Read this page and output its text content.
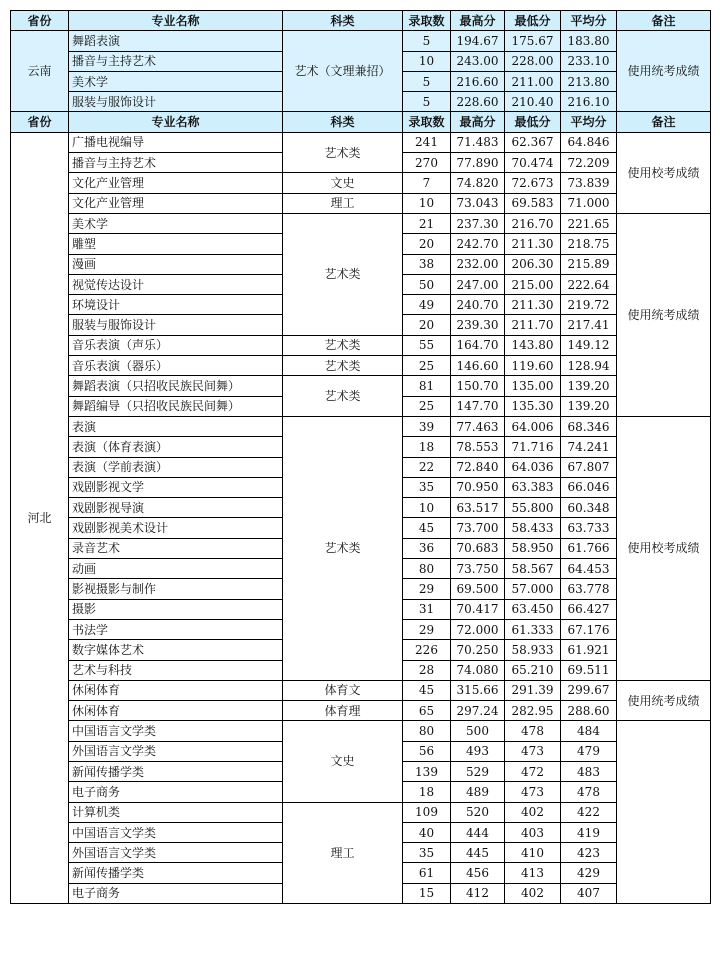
省份	专业名称	科类	录取数	最高分	最低分	平均分	备注
云南	舞蹈表演	艺术（文理兼招）	5	194.67	175.67	183.80	使用统考成绩
	播音与主持艺术		10	243.00	228.00	233.10	
	美术学		5	216.60	211.00	213.80	
	服装与服饰设计		5	228.60	210.40	216.10	
省份	专业名称	科类	录取数	最高分	最低分	平均分	备注
河北	广播电视编导	艺术类	241	71.483	62.367	64.846	使用校考成绩
	播音与主持艺术		270	77.890	70.474	72.209	
	文化产业管理	文史	7	74.820	72.673	73.839	
	文化产业管理	理工	10	73.043	69.583	71.000	
	美术学	艺术类	21	237.30	216.70	221.65	使用统考成绩
	雕塑		20	242.70	211.30	218.75	
	漫画		38	232.00	206.30	215.89	
	视觉传达设计		50	247.00	215.00	222.64	
	环境设计		49	240.70	211.30	219.72	
	服装与服饰设计		20	239.30	211.70	217.41	
	音乐表演（声乐）	艺术类	55	164.70	143.80	149.12	
	音乐表演（器乐）	艺术类	25	146.60	119.60	128.94	
	舞蹈表演（只招收民族民间舞）	艺术类	81	150.70	135.00	139.20	
	舞蹈编导（只招收民族民间舞）		25	147.70	135.30	139.20	
	表演	艺术类	39	77.463	64.006	68.346	使用校考成绩
	表演（体育表演）		18	78.553	71.716	74.241	
	表演（学前表演）		22	72.840	64.036	67.807	
	戏剧影视文学		35	70.950	63.383	66.046	
	戏剧影视导演		10	63.517	55.800	60.348	
	戏剧影视美术设计		45	73.700	58.433	63.733	
	录音艺术		36	70.683	58.950	61.766	
	动画		80	73.750	58.567	64.453	
	影视摄影与制作		29	69.500	57.000	63.778	
	摄影		31	70.417	63.450	66.427	
	书法学		29	72.000	61.333	67.176	
	数字媒体艺术		226	70.250	58.933	61.921	
	艺术与科技		28	74.080	65.210	69.511	
	休闲体育	体育文	45	315.66	291.39	299.67	使用统考成绩
	休闲体育	体育理	65	297.24	282.95	288.60	
	中国语言文学类	文史	80	500	478	484	
	外国语言文学类		56	493	473	479	
	新闻传播学类		139	529	472	483	
	电子商务		18	489	473	478	
	计算机类	理工	109	520	402	422	
	中国语言文学类		40	444	403	419	
	外国语言文学类		35	445	410	423	
	新闻传播学类		61	456	413	429	
	电子商务		15	412	402	407	
